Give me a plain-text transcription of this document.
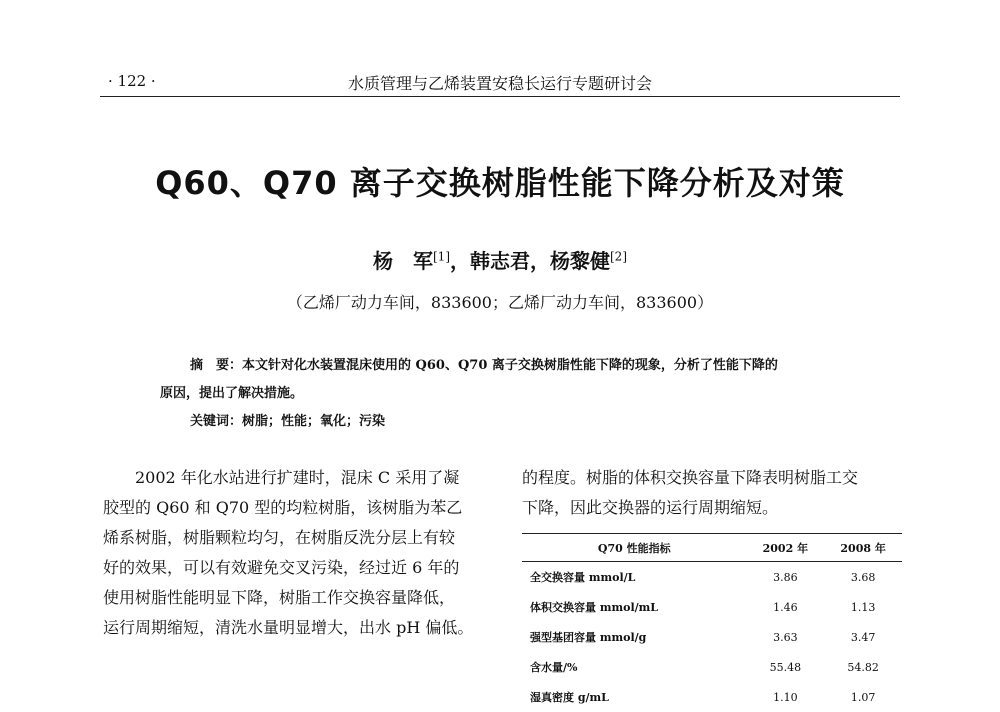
· 122 ·	水质管理与乙烯装置安稳长运行专题研讨会
Q60、Q70 离子交换树脂性能下降分析及对策
杨　军[1]，韩志君，杨黎健[2]
（乙烯厂动力车间，833600；乙烯厂动力车间，833600）

摘　要：本文针对化水装置混床使用的 Q60、Q70 离子交换树脂性能下降的现象，分析了性能下降的

原因，提出了解决措施。
关键词：树脂；性能；氧化；污染

2002 年化水站进行扩建时，混床 C 采用了凝

胶型的 Q60 和 Q70 型的均粒树脂，该树脂为苯乙

烯系树脂，树脂颗粒均匀，在树脂反洗分层上有较

好的效果，可以有效避免交叉污染，经过近 6 年的

使用树脂性能明显下降，树脂工作交换容量降低，

运行周期缩短，清洗水量明显增大，出水 pH 偏低。

的程度。树脂的体积交换容量下降表明树脂工交

下降，因此交换器的运行周期缩短。

Q70 性能指标	2002 年	2008 年
全交换容量 mmol/L	3.86	3.68
体积交换容量 mmol/mL	1.46	1.13
强型基团容量 mmol/g	3.63	3.47
含水量/%	55.48	54.82
湿真密度 g/mL	1.10	1.07
